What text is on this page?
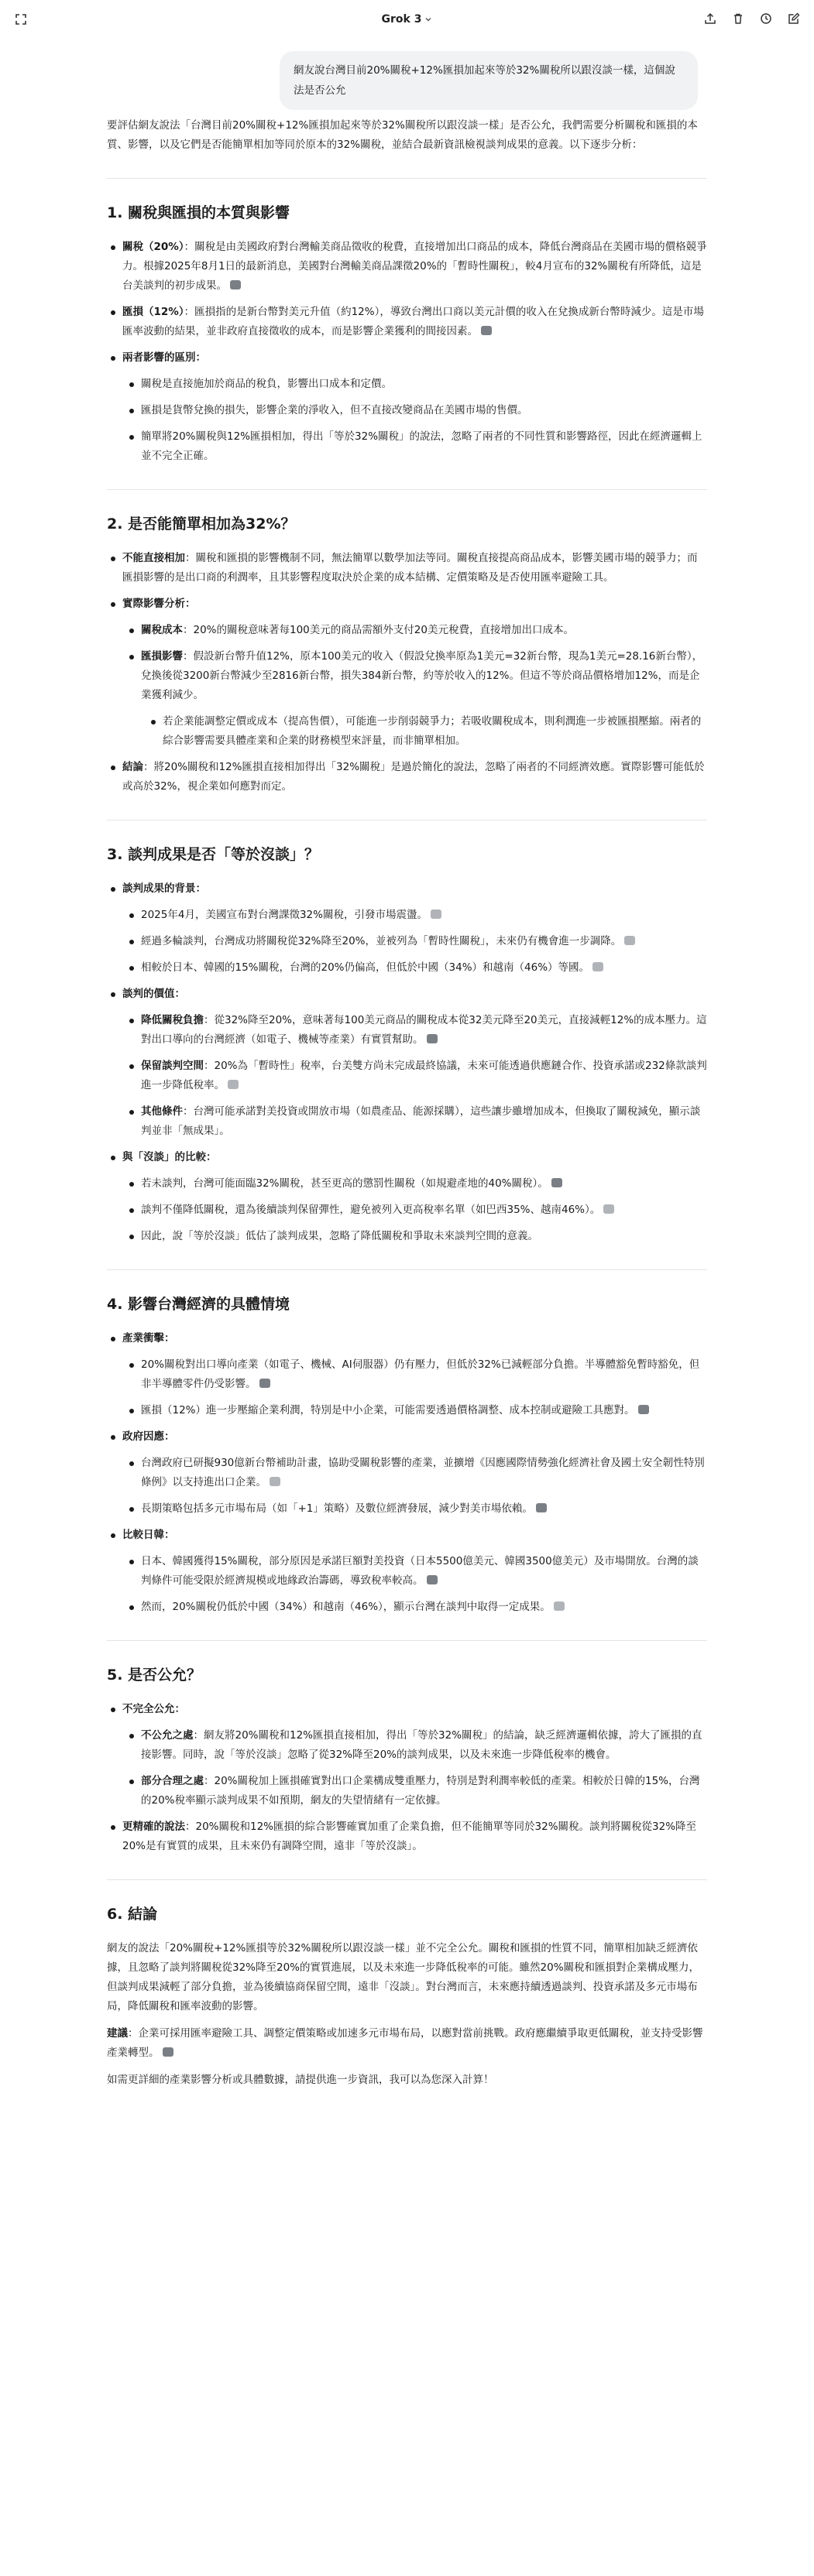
Grok 3
網友說台灣目前20%關稅+12%匯損加起來等於32%關稅所以跟沒談一樣，這個說法是否公允

要評估網友說法「台灣目前20%關稅+12%匯損加起來等於32%關稅所以跟沒談一樣」是否公允，我們需要分析關稅和匯損的本質、影響，以及它們是否能簡單相加等同於原本的32%關稅，並結合最新資訊檢視談判成果的意義。以下逐步分析：

1. 關稅與匯損的本質與影響
關稅（20%）：關稅是由美國政府對台灣輸美商品徵收的稅費，直接增加出口商品的成本，降低台灣商品在美國市場的價格競爭力。根據2025年8月1日的最新消息，美國對台灣輸美商品課徵20%的「暫時性關稅」，較4月宣布的32%關稅有所降低，這是台美談判的初步成果。
匯損（12%）：匯損指的是新台幣對美元升值（約12%），導致台灣出口商以美元計價的收入在兌換成新台幣時減少。這是市場匯率波動的結果，並非政府直接徵收的成本，而是影響企業獲利的間接因素。
兩者影響的區別：
關稅是直接施加於商品的稅負，影響出口成本和定價。
匯損是貨幣兌換的損失，影響企業的淨收入，但不直接改變商品在美國市場的售價。
簡單將20%關稅與12%匯損相加，得出「等於32%關稅」的說法，忽略了兩者的不同性質和影響路徑，因此在經濟邏輯上並不完全正確。
2. 是否能簡單相加為32%？
不能直接相加：關稅和匯損的影響機制不同，無法簡單以數學加法等同。關稅直接提高商品成本，影響美國市場的競爭力；而匯損影響的是出口商的利潤率，且其影響程度取決於企業的成本結構、定價策略及是否使用匯率避險工具。
實際影響分析：
關稅成本：20%的關稅意味著每100美元的商品需額外支付20美元稅費，直接增加出口成本。
匯損影響：假設新台幣升值12%，原本100美元的收入（假設兌換率原為1美元=32新台幣，現為1美元=28.16新台幣），兌換後從3200新台幣減少至2816新台幣，損失384新台幣，約等於收入的12%。但這不等於商品價格增加12%，而是企業獲利減少。
若企業能調整定價或成本（提高售價），可能進一步削弱競爭力；若吸收關稅成本，則利潤進一步被匯損壓縮。兩者的綜合影響需要具體產業和企業的財務模型來評量，而非簡單相加。
結論：將20%關稅和12%匯損直接相加得出「32%關稅」是過於簡化的說法，忽略了兩者的不同經濟效應。實際影響可能低於或高於32%，視企業如何應對而定。
3. 談判成果是否「等於沒談」？
談判成果的背景：
2025年4月，美國宣布對台灣課徵32%關稅，引發市場震盪。
經過多輪談判，台灣成功將關稅從32%降至20%，並被列為「暫時性關稅」，未來仍有機會進一步調降。
相較於日本、韓國的15%關稅，台灣的20%仍偏高，但低於中國（34%）和越南（46%）等國。
談判的價值：
降低關稅負擔：從32%降至20%，意味著每100美元商品的關稅成本從32美元降至20美元，直接減輕12%的成本壓力。這對出口導向的台灣經濟（如電子、機械等產業）有實質幫助。
保留談判空間：20%為「暫時性」稅率，台美雙方尚未完成最終協議，未來可能透過供應鏈合作、投資承諾或232條款談判進一步降低稅率。
其他條件：台灣可能承諾對美投資或開放市場（如農產品、能源採購），這些讓步雖增加成本，但換取了關稅減免，顯示談判並非「無成果」。
與「沒談」的比較：
若未談判，台灣可能面臨32%關稅，甚至更高的懲罰性關稅（如規避產地的40%關稅）。
談判不僅降低關稅，還為後續談判保留彈性，避免被列入更高稅率名單（如巴西35%、越南46%）。
因此，說「等於沒談」低估了談判成果，忽略了降低關稅和爭取未來談判空間的意義。
4. 影響台灣經濟的具體情境
產業衝擊：
20%關稅對出口導向產業（如電子、機械、AI伺服器）仍有壓力，但低於32%已減輕部分負擔。半導體豁免暫時豁免，但非半導體零件仍受影響。
匯損（12%）進一步壓縮企業利潤，特別是中小企業，可能需要透過價格調整、成本控制或避險工具應對。
政府因應：
台灣政府已研擬930億新台幣補助計畫，協助受關稅影響的產業，並擴增《因應國際情勢強化經濟社會及國土安全韌性特別條例》以支持進出口企業。
長期策略包括多元市場布局（如「+1」策略）及數位經濟發展，減少對美市場依賴。
比較日韓：
日本、韓國獲得15%關稅，部分原因是承諾巨額對美投資（日本5500億美元、韓國3500億美元）及市場開放。台灣的談判條件可能受限於經濟規模或地緣政治籌碼，導致稅率較高。
然而，20%關稅仍低於中國（34%）和越南（46%），顯示台灣在談判中取得一定成果。
5. 是否公允？
不完全公允：
不公允之處：網友將20%關稅和12%匯損直接相加，得出「等於32%關稅」的結論，缺乏經濟邏輯依據，誇大了匯損的直接影響。同時，說「等於沒談」忽略了從32%降至20%的談判成果，以及未來進一步降低稅率的機會。
部分合理之處：20%關稅加上匯損確實對出口企業構成雙重壓力，特別是對利潤率較低的產業。相較於日韓的15%，台灣的20%稅率顯示談判成果不如預期，網友的失望情緒有一定依據。
更精確的說法：20%關稅和12%匯損的綜合影響確實加重了企業負擔，但不能簡單等同於32%關稅。談判將關稅從32%降至20%是有實質的成果，且未來仍有調降空間，遠非「等於沒談」。
6. 結論

網友的說法「20%關稅+12%匯損等於32%關稅所以跟沒談一樣」並不完全公允。關稅和匯損的性質不同，簡單相加缺乏經濟依據，且忽略了談判將關稅從32%降至20%的實質進展，以及未來進一步降低稅率的可能。雖然20%關稅和匯損對企業構成壓力，但談判成果減輕了部分負擔，並為後續協商保留空間，遠非「沒談」。對台灣而言，未來應持續透過談判、投資承諾及多元市場布局，降低關稅和匯率波動的影響。

建議：企業可採用匯率避險工具、調整定價策略或加速多元市場布局，以應對當前挑戰。政府應繼續爭取更低關稅，並支持受影響產業轉型。

如需更詳細的產業影響分析或具體數據，請提供進一步資訊，我可以為您深入計算！
